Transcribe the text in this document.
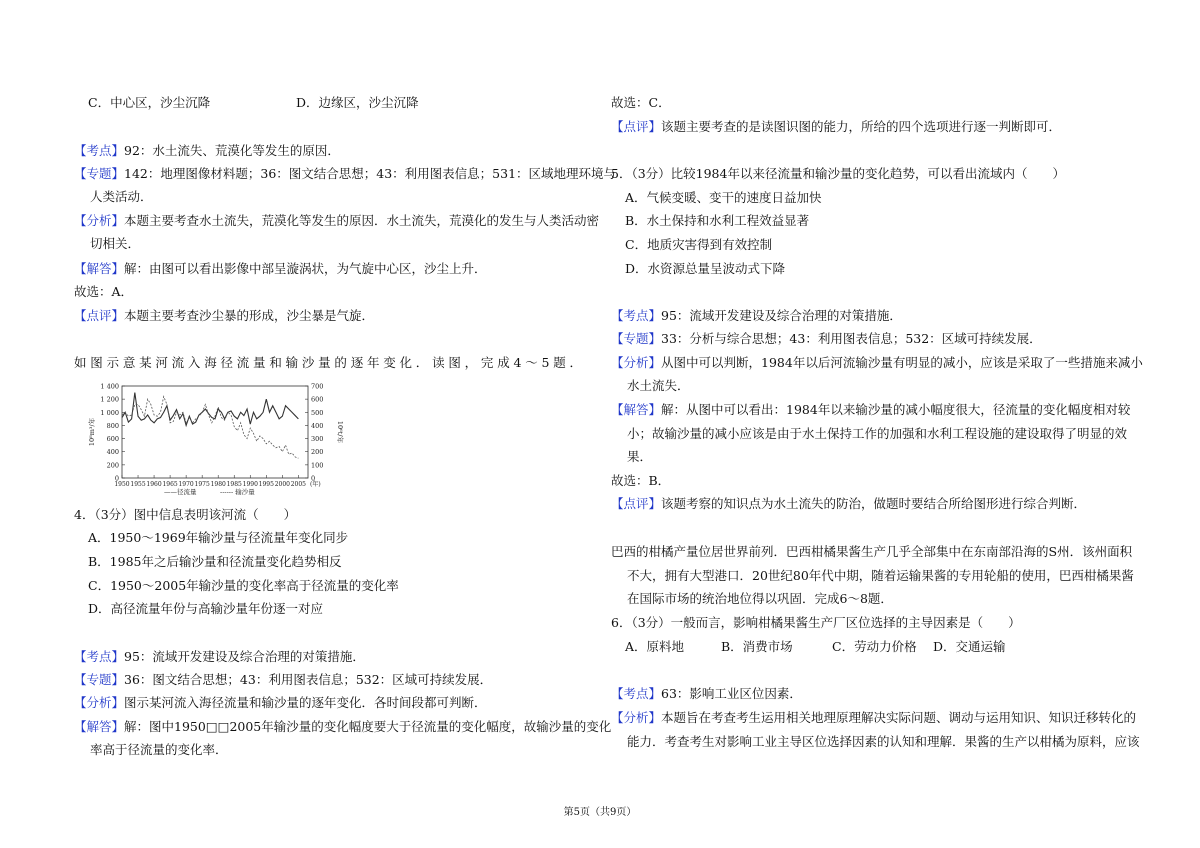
C．中心区，沙尘沉降	D．边缘区，沙尘沉降
【考点】92：水土流失、荒漠化等发生的原因．
【专题】142：地理图像材料题；36：图文结合思想；43：利用图表信息；531：区域地理环境与
人类活动．
【分析】本题主要考查水土流失，荒漠化等发生的原因．水土流失，荒漠化的发生与人类活动密
切相关．
【解答】解：由图可以看出影像中部呈漩涡状，为气旋中心区，沙尘上升．
故选：A．
【点评】本题主要考查沙尘暴的形成，沙尘暴是气旋．
如图示意某河流入海径流量和输沙量的逐年变化．读图，完成4～5题．
1 400
1 200
1 000
800
600
400
200
0
700
600
500
400
300
200
100
0
1950 1955 1960 1965 1970 1975 1980 1985 1990 1995 2000 2005 (年)
10⁸m³/年	10⁶t/年
——径流量	------ 输沙量
4．（3分）图中信息表明该河流（　　）
A．1950～1969年输沙量与径流量年变化同步
B．1985年之后输沙量和径流量变化趋势相反
C．1950～2005年输沙量的变化率高于径流量的变化率
D．高径流量年份与高输沙量年份逐一对应
【考点】95：流域开发建设及综合治理的对策措施．
【专题】36：图文结合思想；43：利用图表信息；532：区域可持续发展．
【分析】图示某河流入海径流量和输沙量的逐年变化．各时间段都可判断．
【解答】解：图中1950□□2005年输沙量的变化幅度要大于径流量的变化幅度，故输沙量的变化
率高于径流量的变化率．
故选：C．
【点评】该题主要考查的是读图识图的能力，所给的四个选项进行逐一判断即可．
5．（3分）比较1984年以来径流量和输沙量的变化趋势，可以看出流域内（　　）
A．气候变暖、变干的速度日益加快
B．水土保持和水利工程效益显著
C．地质灾害得到有效控制
D．水资源总量呈波动式下降
【考点】95：流域开发建设及综合治理的对策措施．
【专题】33：分析与综合思想；43：利用图表信息；532：区域可持续发展．
【分析】从图中可以判断，1984年以后河流输沙量有明显的减小，应该是采取了一些措施来减小
水土流失．
【解答】解：从图中可以看出：1984年以来输沙量的减小幅度很大，径流量的变化幅度相对较
小；故输沙量的减小应该是由于水土保持工作的加强和水利工程设施的建设取得了明显的效
果．
故选：B．
【点评】该题考察的知识点为水土流失的防治，做题时要结合所给图形进行综合判断．
巴西的柑橘产量位居世界前列．巴西柑橘果酱生产几乎全部集中在东南部沿海的S州．该州面积
不大，拥有大型港口．20世纪80年代中期，随着运输果酱的专用轮船的使用，巴西柑橘果酱
在国际市场的统治地位得以巩固．完成6～8题．
6．（3分）一般而言，影响柑橘果酱生产厂区位选择的主导因素是（　　）
A．原料地	B．消费市场	C．劳动力价格 D．交通运输
【考点】63：影响工业区位因素．
【分析】本题旨在考查考生运用相关地理原理解决实际问题、调动与运用知识、知识迁移转化的
能力．考查考生对影响工业主导区位选择因素的认知和理解．果酱的生产以柑橘为原料，应该
第5页（共9页）
